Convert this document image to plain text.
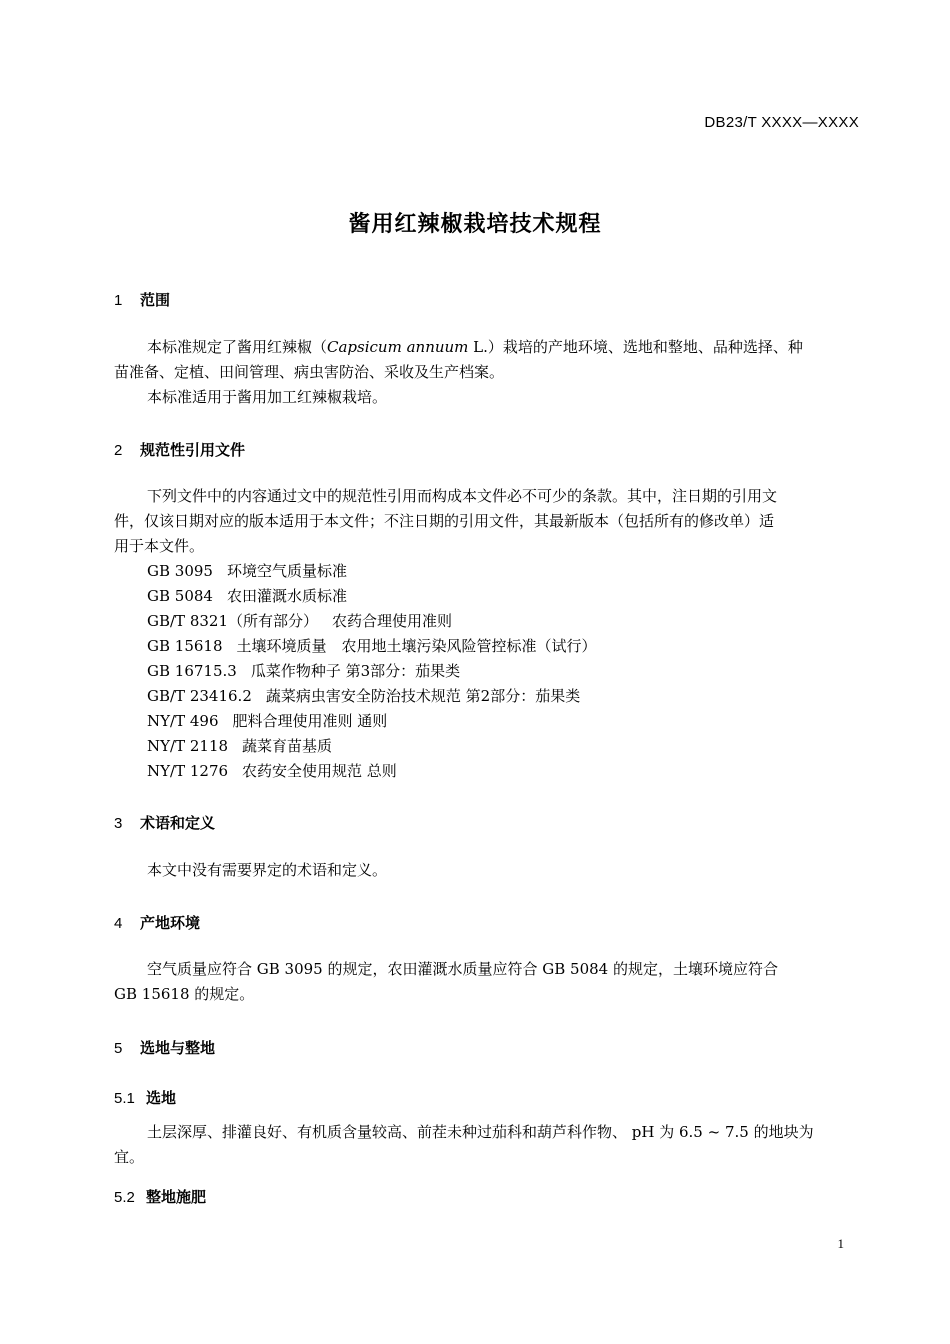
DB23/T XXXX—XXXX
酱用红辣椒栽培技术规程
1 范围
本标准规定了酱用红辣椒（Capsicum annuum L.）栽培的产地环境、选地和整地、品种选择、种
苗准备、定植、田间管理、病虫害防治、采收及生产档案。
本标准适用于酱用加工红辣椒栽培。
2 规范性引用文件
下列文件中的内容通过文中的规范性引用而构成本文件必不可少的条款。其中，注日期的引用文
件，仅该日期对应的版本适用于本文件；不注日期的引用文件，其最新版本（包括所有的修改单）适
用于本文件。
GB 3095 环境空气质量标准
GB 5084 农田灌溉水质标准
GB/T 8321（所有部分） 农药合理使用准则
GB 15618 土壤环境质量　农用地土壤污染风险管控标准（试行）
GB 16715.3 瓜菜作物种子 第3部分：茄果类
GB/T 23416.2 蔬菜病虫害安全防治技术规范 第2部分：茄果类
NY/T 496 肥料合理使用准则 通则
NY/T 2118 蔬菜育苗基质
NY/T 1276 农药安全使用规范 总则
3 术语和定义
本文中没有需要界定的术语和定义。
4 产地环境
空气质量应符合 GB 3095 的规定，农田灌溉水质量应符合 GB 5084 的规定，土壤环境应符合
GB 15618 的规定。
5 选地与整地
5.1 选地
土层深厚、排灌良好、有机质含量较高、前茬未种过茄科和葫芦科作物、 pH 为 6.5 ~ 7.5 的地块为
宜。
5.2 整地施肥
1
